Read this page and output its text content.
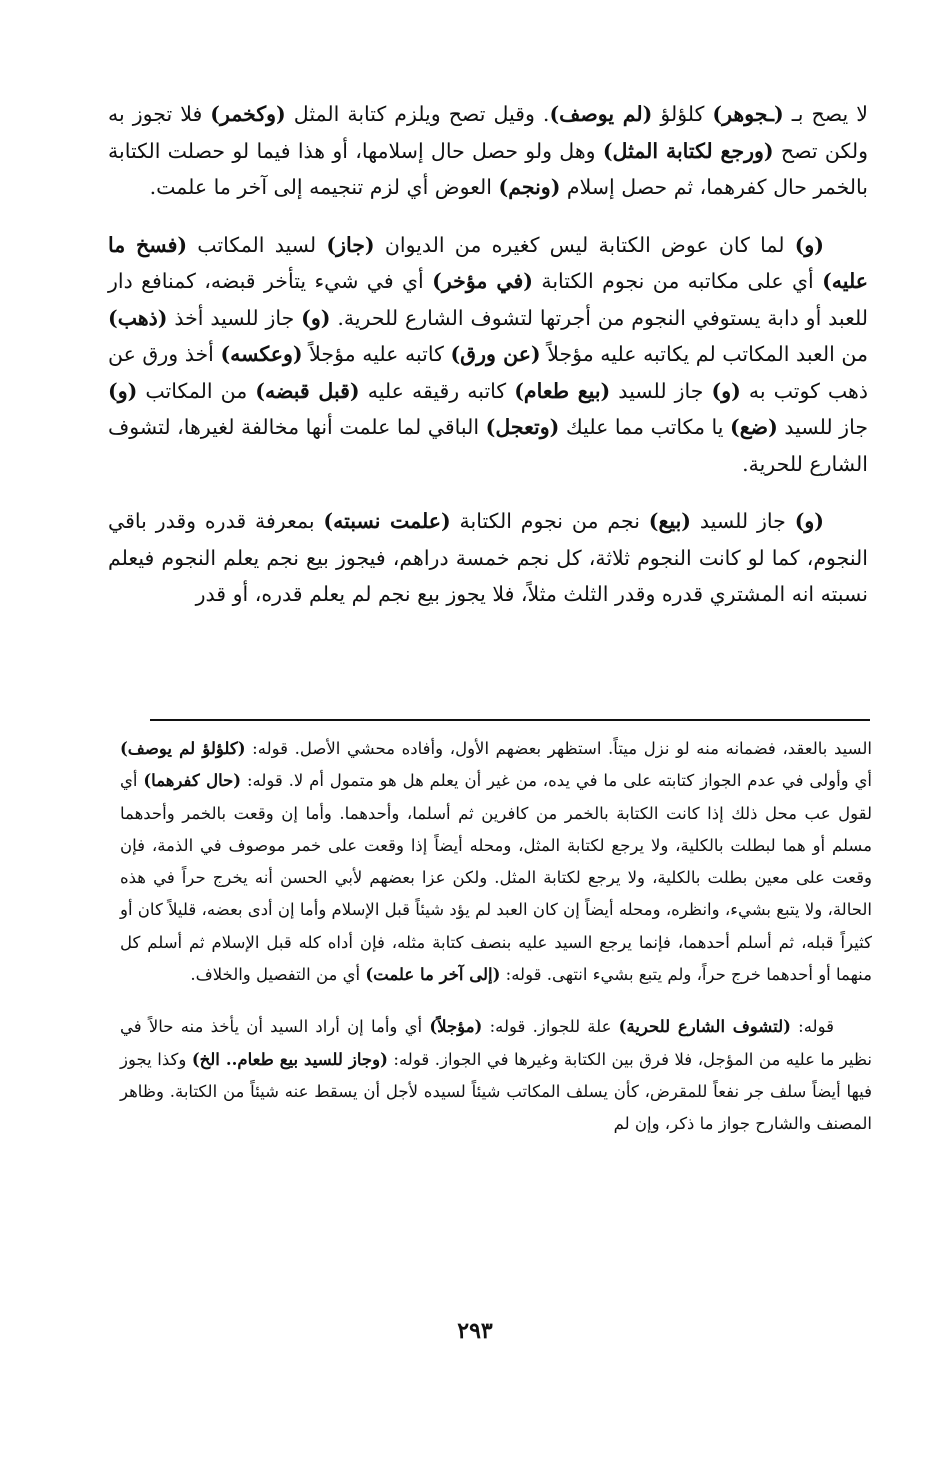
لا يصح بـ (ـجوهر) كلؤلؤ (لم يوصف). وقيل تصح ويلزم كتابة المثل (وكخمر) فلا تجوز به ولكن تصح (ورجع لكتابة المثل) وهل ولو حصل حال إسلامها، أو هذا فيما لو حصلت الكتابة بالخمر حال كفرهما، ثم حصل إسلام (ونجم) العوض أي لزم تنجيمه إلى آخر ما علمت.

(و) لما كان عوض الكتابة ليس كغيره من الديوان (جاز) لسيد المكاتب (فسخ ما عليه) أي على مكاتبه من نجوم الكتابة (في مؤخر) أي في شيء يتأخر قبضه، كمنافع دار للعبد أو دابة يستوفي النجوم من أجرتها لتشوف الشارع للحرية. (و) جاز للسيد أخذ (ذهب) من العبد المكاتب لم يكاتبه عليه مؤجلاً (عن ورق) كاتبه عليه مؤجلاً (وعكسه) أخذ ورق عن ذهب كوتب به (و) جاز للسيد (بيع طعام) كاتبه رقيقه عليه (قبل قبضه) من المكاتب (و) جاز للسيد (ضع) يا مكاتب مما عليك (وتعجل) الباقي لما علمت أنها مخالفة لغيرها، لتشوف الشارع للحرية.

(و) جاز للسيد (بيع) نجم من نجوم الكتابة (علمت نسبته) بمعرفة قدره وقدر باقي النجوم، كما لو كانت النجوم ثلاثة، كل نجم خمسة دراهم، فيجوز بيع نجم يعلم النجوم فيعلم نسبته انه المشتري قدره وقدر الثلث مثلاً، فلا يجوز بيع نجم لم يعلم قدره، أو قدر

السيد بالعقد، فضمانه منه لو نزل ميتاً. استظهر بعضهم الأول، وأفاده محشي الأصل. قوله: (كلؤلؤ لم يوصف) أي وأولى في عدم الجواز كتابته على ما في يده، من غير أن يعلم هل هو متمول أم لا. قوله: (حال كفرهما) أي لقول عب محل ذلك إذا كانت الكتابة بالخمر من كافرين ثم أسلما، وأحدهما. وأما إن وقعت بالخمر وأحدهما مسلم أو هما لبطلت بالكلية، ولا يرجع لكتابة المثل، ومحله أيضاً إذا وقعت على خمر موصوف في الذمة، فإن وقعت على معين بطلت بالكلية، ولا يرجع لكتابة المثل. ولكن عزا بعضهم لأبي الحسن أنه يخرج حراً في هذه الحالة، ولا يتبع بشيء، وانظره، ومحله أيضاً إن كان العبد لم يؤد شيئاً قبل الإسلام وأما إن أدى بعضه، قليلاً كان أو كثيراً قبله، ثم أسلم أحدهما، فإنما يرجع السيد عليه بنصف كتابة مثله، فإن أداه كله قبل الإسلام ثم أسلم كل منهما أو أحدهما خرج حراً، ولم يتبع بشيء انتهى. قوله: (إلى آخر ما علمت) أي من التفصيل والخلاف.

قوله: (لتشوف الشارع للحرية) علة للجواز. قوله: (مؤجلاً) أي وأما إن أراد السيد أن يأخذ منه حالاً في نظير ما عليه من المؤجل، فلا فرق بين الكتابة وغيرها في الجواز. قوله: (وجاز للسيد بيع طعام.. الخ) وكذا يجوز فيها أيضاً سلف جر نفعاً للمقرض، كأن يسلف المكاتب شيئاً لسيده لأجل أن يسقط عنه شيئاً من الكتابة. وظاهر المصنف والشارح جواز ما ذكر، وإن لم

٢٩٣
